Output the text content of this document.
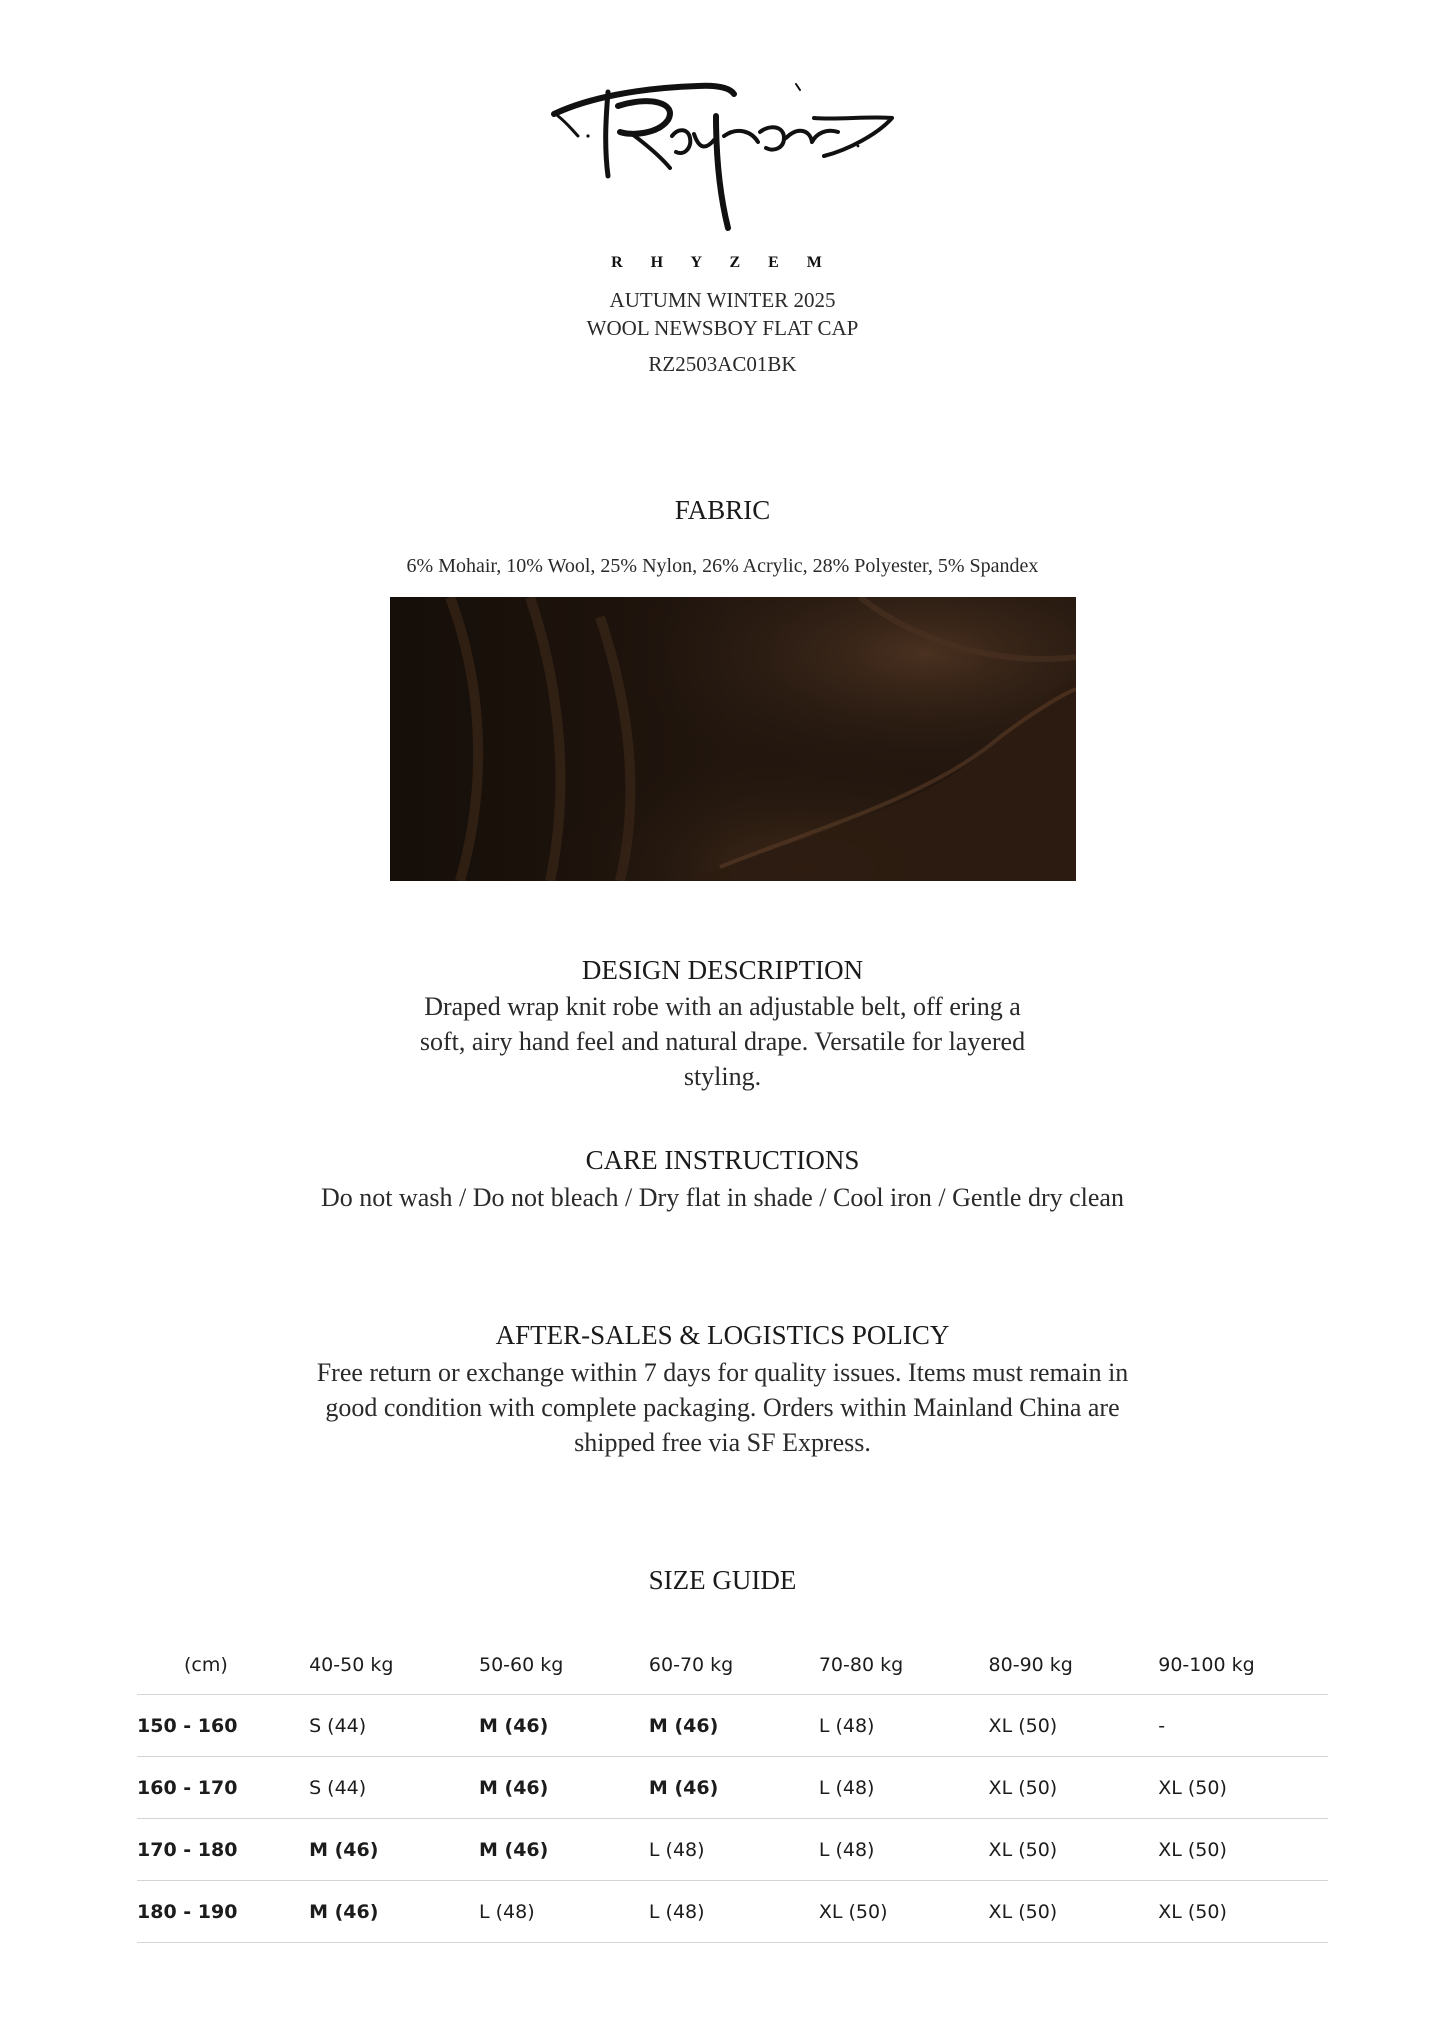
R H Y Z E M
AUTUMN WINTER 2025
WOOL NEWSBOY FLAT CAP
RZ2503AC01BK
FABRIC
6% Mohair, 10% Wool, 25% Nylon, 26% Acrylic, 28% Polyester, 5% Spandex
DESIGN DESCRIPTION
Draped wrap knit robe with an adjustable belt, off ering a
soft, airy hand feel and natural drape. Versatile for layered
styling.
CARE INSTRUCTIONS
Do not wash / Do not bleach / Dry flat in shade / Cool iron / Gentle dry clean
AFTER-SALES & LOGISTICS POLICY
Free return or exchange within 7 days for quality issues. Items must remain in
good condition with complete packaging. Orders within Mainland China are
shipped free via SF Express.
SIZE GUIDE
(cm)	40-50 kg	50-60 kg	60-70 kg	70-80 kg	80-90 kg	90-100 kg
150 - 160	S (44)	M (46)	M (46)	L (48)	XL (50)	-
160 - 170	S (44)	M (46)	M (46)	L (48)	XL (50)	XL (50)
170 - 180	M (46)	M (46)	L (48)	L (48)	XL (50)	XL (50)
180 - 190	M (46)	L (48)	L (48)	XL (50)	XL (50)	XL (50)
